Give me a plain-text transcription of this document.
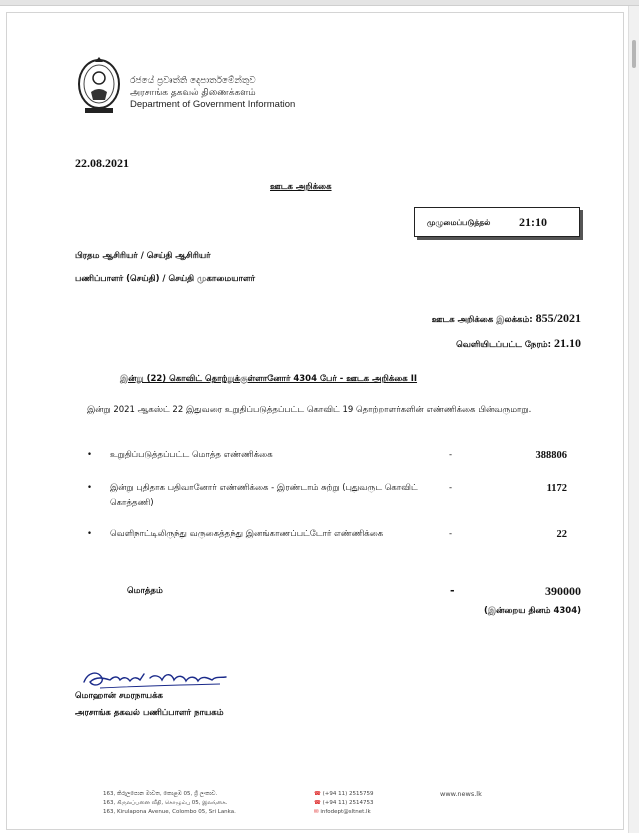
රජයේ ප්‍රවෘත්ති දෙපාර්තමේන්තුව
அரசாங்க தகவல் திணைக்களம்
Department of Government Information
22.08.2021
ஊடக அறிக்கை
முழுமைப்படுத்தல் 21:10
பிரதம ஆசிரியர் / செய்தி ஆசிரியர்
பணிப்பாளர் (செய்தி) / செய்தி முகாமையாளர்
ஊடக அறிக்கை இலக்கம்: 855/2021
வெளியிடப்பட்ட நேரம்: 21.10
இன்று (22) கொவிட் தொற்றுக்குள்ளானோர் 4304 பேர் - ஊடக அறிக்கை II
இன்று 2021 ஆகஸ்ட் 22 இதுவரை உறுதிப்படுத்தப்பட்ட கொவிட் 19 தொற்றாளர்களின் எண்ணிக்கை பின்வருமாறு.
• உறுதிப்படுத்தப்பட்ட மொத்த எண்ணிக்கை	-	388806
• இன்று புதிதாக பதிவானோர் எண்ணிக்கை - இரண்டாம் சுற்று (புதுவருட கொவிட் கொத்தணி)
-	1172
• வெளிநாட்டிலிருந்து வருகைத்தந்து இனங்காணப்பட்டோர் எண்ணிக்கை	-	22
மொத்தம்	-	390000
(இன்றைய தினம் 4304)
மொஹான் சமரநாயக்க
அரசாங்க தகவல் பணிப்பாளர் நாயகம்
163, කිරුලපොන මාවත, කොළඹ 05, ශ්‍රී ලංකාව.
163, கிருலப்பனை வீதி, கொழும்பு 05, இலங்கை.
163, Kirulapona Avenue, Colombo 05, Sri Lanka.
☎ (+94 11) 2515759
☎ (+94 11) 2514753
✉ infodept@sltnet.lk
www.news.lk
